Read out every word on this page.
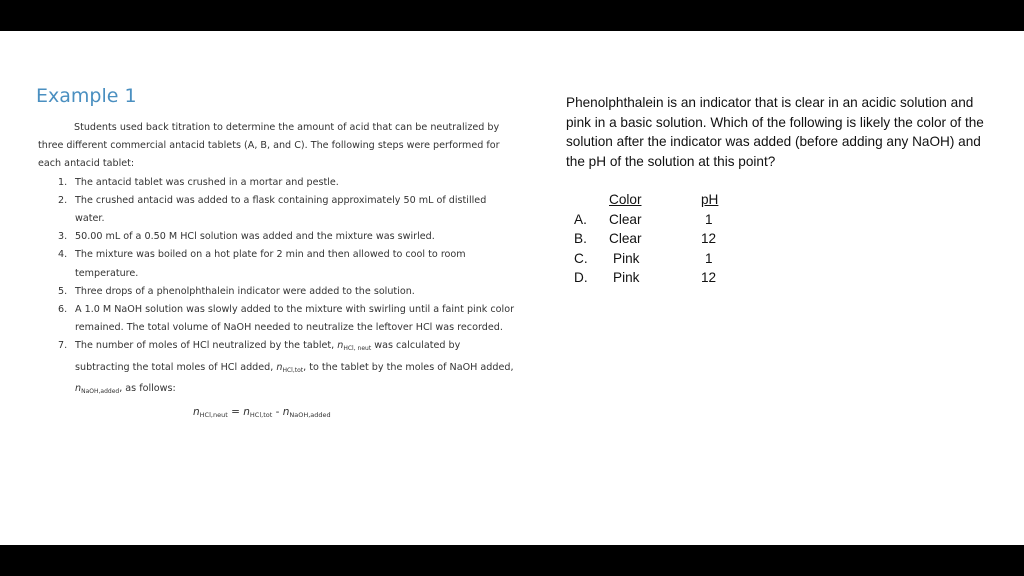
Example 1

Students used back titration to determine the amount of acid that can be neutralized by three different commercial antacid tablets (A, B, and C). The following steps were performed for each antacid tablet:

1. The antacid tablet was crushed in a mortar and pestle.
2. The crushed antacid was added to a flask containing approximately 50 mL of distilled water.
3. 50.00 mL of a 0.50 M HCl solution was added and the mixture was swirled.
4. The mixture was boiled on a hot plate for 2 min and then allowed to cool to room temperature.
5. Three drops of a phenolphthalein indicator were added to the solution.
6. A 1.0 M NaOH solution was slowly added to the mixture with swirling until a faint pink color remained. The total volume of NaOH needed to neutralize the leftover HCl was recorded.
7. The number of moles of HCl neutralized by the tablet, $n_{HCl, neut}$ was calculated by subtracting the total moles of HCl added, $n_{HCl,tot}$, to the tablet by the moles of NaOH added, $n_{NaOH,added}$, as follows:
$n_{HCl,neut} = n_{HCl,tot} - n_{NaOH,added}$

Phenolphthalein is an indicator that is clear in an acidic solution and pink in a basic solution. Which of the following is likely the color of the solution after the indicator was added (before adding any NaOH) and the pH of the solution at this point?

	Color	pH
A.	Clear	1
B.	Clear	12
C.	Pink	1
D.	Pink	12
